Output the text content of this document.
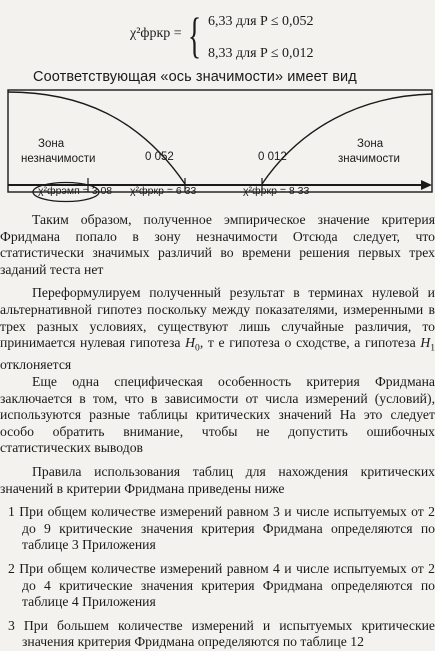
χ²фркр = { 6,33 для P ≤ 0,052
8,33 для P ≤ 0,012
Соответствующая «ось значимости» имеет вид
Зона
незначимости
Зона
значимости
0 052	0 012
χ²фрэмп = 3 08 χ²фркр = 6 33	χ²фркр = 8 33

Таким образом, полученное эмпирическое значение критерия Фридмана попало в зону незначимости Отсюда следует, что статистически значимых различий во времени решения первых трех заданий теста нет

Переформулируем полученный результат в терминах нулевой и альтернативной гипотез поскольку между показателями, измеренными в трех разных условиях, существуют лишь случайные различия, то принимается нулевая гипотеза $H_0$, т е гипотеза о сходстве, а гипотеза $H_1$ отклоняется

Еще одна специфическая особенность критерия Фридмана заключается в том, что в зависимости от числа измерений (условий), используются разные таблицы критических значений На это следует особо обратить внимание, чтобы не допустить ошибочных статистических выводов

Правила использования таблиц для нахождения критических значений в критерии Фридмана приведены ниже

1 При общем количестве измерений равном 3 и числе испытуемых от 2 до 9 критические значения критерия Фридмана определяются по таблице 3 Приложения

2 При общем количестве измерений равном 4 и числе испытуемых от 2 до 4 критические значения критерия Фридмана определяются по таблице 4 Приложения

3 При большем количестве измерений и испытуемых критические значения критерия Фридмана определяются по таблице 12
